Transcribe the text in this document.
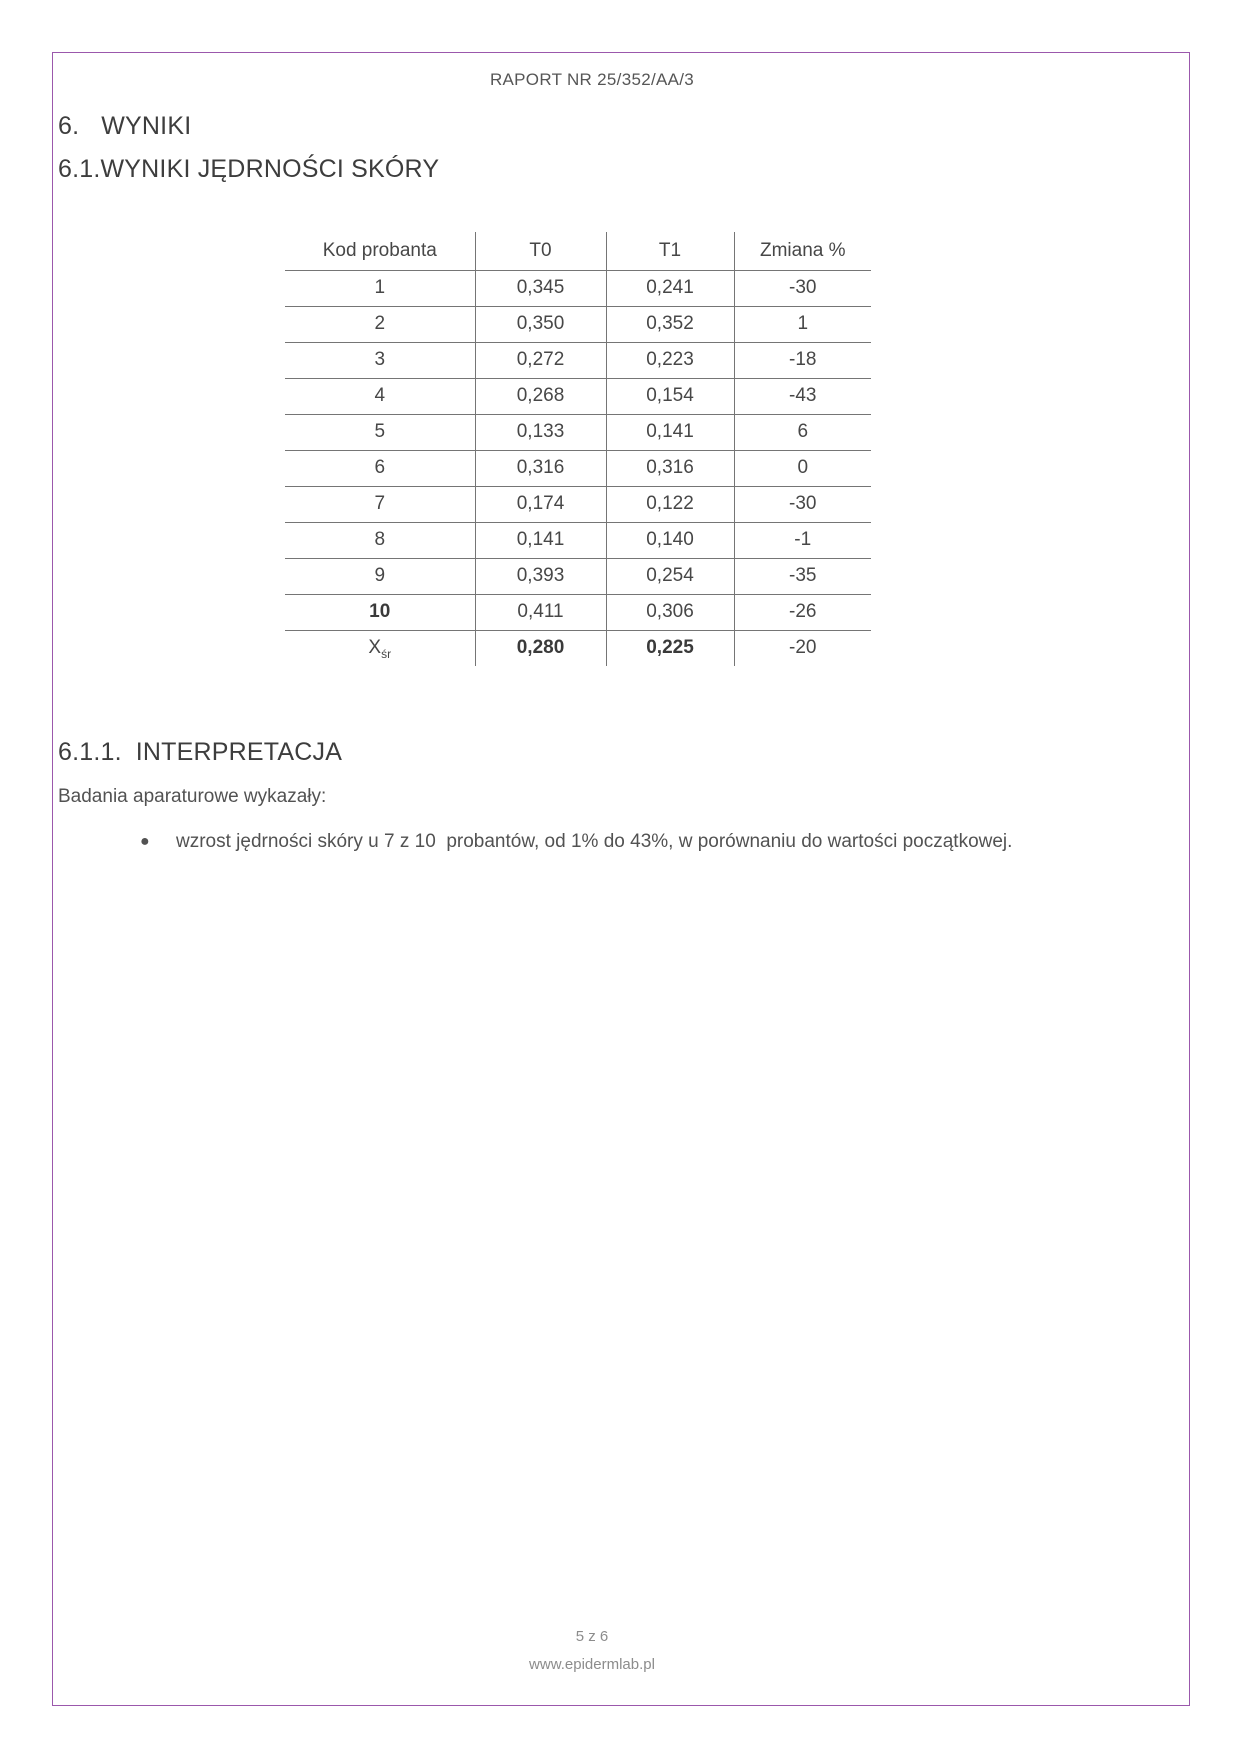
RAPORT NR 25/352/AA/3
6. WYNIKI
6.1.WYNIKI JĘDRNOŚCI SKÓRY
Kod probanta	T0	T1	Zmiana %
1	0,345	0,241	-30
2	0,350	0,352	1
3	0,272	0,223	-18
4	0,268	0,154	-43
5	0,133	0,141	6
6	0,316	0,316	0
7	0,174	0,122	-30
8	0,141	0,140	-1
9	0,393	0,254	-35
10	0,411	0,306	-26
$X_{śr}$	0,280	0,225	-20
6.1.1. INTERPRETACJA
Badania aparaturowe wykazały:
●	wzrost jędrności skóry u 7 z 10  probantów, od 1% do 43%, w porównaniu do wartości początkowej.
5 z 6
www.epidermlab.pl
